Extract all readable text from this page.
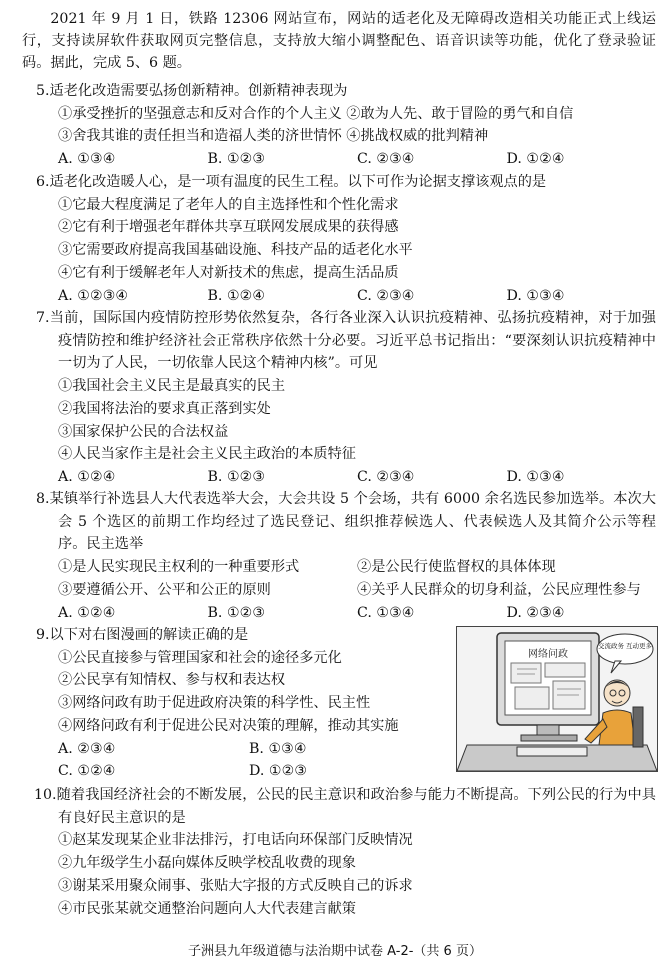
2021 年 9 月 1 日，铁路 12306 网站宣布，网站的适老化及无障碍改造相关功能正式上线运行，支持读屏软件获取网页完整信息，支持放大缩小调整配色、语音识读等功能，优化了登录验证码。据此，完成 5、6 题。
5.适老化改造需要弘扬创新精神。创新精神表现为
①承受挫折的坚强意志和反对合作的个人主义 ②敢为人先、敢于冒险的勇气和自信
③舍我其谁的责任担当和造福人类的济世情怀 ④挑战权威的批判精神
A. ①③④	B. ①②③	C. ②③④	D. ①②④
6.适老化改造暖人心，是一项有温度的民生工程。以下可作为论据支撑该观点的是
①它最大程度满足了老年人的自主选择性和个性化需求
②它有利于增强老年群体共享互联网发展成果的获得感
③它需要政府提高我国基础设施、科技产品的适老化水平
④它有利于缓解老年人对新技术的焦虑，提高生活品质
A. ①②③④	B. ①②④	C. ②③④	D. ①③④
7.当前，国际国内疫情防控形势依然复杂，各行各业深入认识抗疫精神、弘扬抗疫精神，对于加强疫情防控和维护经济社会正常秩序依然十分必要。习近平总书记指出：“要深刻认识抗疫精神中一切为了人民，一切依靠人民这个精神内核”。可见
①我国社会主义民主是最真实的民主
②我国将法治的要求真正落到实处
③国家保护公民的合法权益
④人民当家作主是社会主义民主政治的本质特征
A. ①②④	B. ①②③	C. ②③④	D. ①③④
8.某镇举行补选县人大代表选举大会，大会共设 5 个会场，共有 6000 余名选民参加选举。本次大会 5 个选区的前期工作均经过了选民登记、组织推荐候选人、代表候选人及其简介公示等程序。民主选举
①是人民实现民主权利的一种重要形式	②是公民行使监督权的具体体现
③要遵循公开、公平和公正的原则	④关乎人民群众的切身利益，公民应理性参与
A. ①②④	B. ①②③	C. ①③④	D. ②③④
9.以下对右图漫画的解读正确的是
①公民直接参与管理国家和社会的途径多元化
②公民享有知情权、参与权和表达权
③网络问政有助于促进政府决策的科学性、民主性
④网络问政有利于促进公民对决策的理解，推动其实施
A. ②③④	B. ①③④
C. ①②④	D. ①②③
网络问政
交流政务 互动更多
10.随着我国经济社会的不断发展，公民的民主意识和政治参与能力不断提高。下列公民的行为中具有良好民主意识的是
①赵某发现某企业非法排污，打电话向环保部门反映情况
②九年级学生小磊向媒体反映学校乱收费的现象
③谢某采用聚众闹事、张贴大字报的方式反映自己的诉求
④市民张某就交通整治问题向人大代表建言献策
子洲县九年级道德与法治期中试卷 A-2-（共 6 页）
